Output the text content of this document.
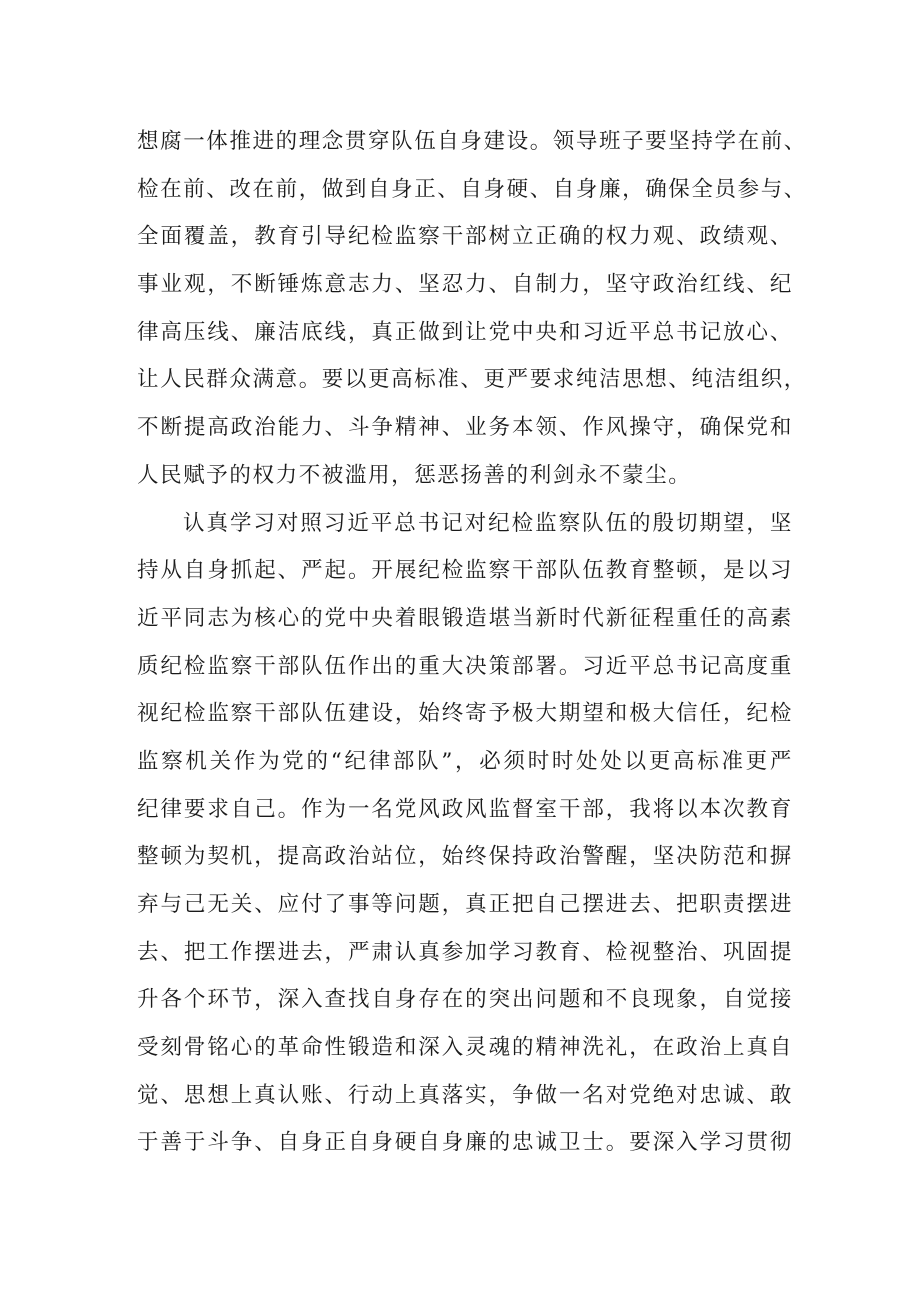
想腐一体推进的理念贯穿队伍自身建设。领导班子要坚持学在前、
检在前、改在前，做到自身正、自身硬、自身廉，确保全员参与、
全面覆盖，教育引导纪检监察干部树立正确的权力观、政绩观、
事业观，不断锤炼意志力、坚忍力、自制力，坚守政治红线、纪
律高压线、廉洁底线，真正做到让党中央和习近平总书记放心、
让人民群众满意。要以更高标准、更严要求纯洁思想、纯洁组织，
不断提高政治能力、斗争精神、业务本领、作风操守，确保党和
人民赋予的权力不被滥用，惩恶扬善的利剑永不蒙尘。
认真学习对照习近平总书记对纪检监察队伍的殷切期望，坚
持从自身抓起、严起。开展纪检监察干部队伍教育整顿，是以习
近平同志为核心的党中央着眼锻造堪当新时代新征程重任的高素
质纪检监察干部队伍作出的重大决策部署。习近平总书记高度重
视纪检监察干部队伍建设，始终寄予极大期望和极大信任，纪检
监察机关作为党的“纪律部队”，必须时时处处以更高标准更严
纪律要求自己。作为一名党风政风监督室干部，我将以本次教育
整顿为契机，提高政治站位，始终保持政治警醒，坚决防范和摒
弃与己无关、应付了事等问题，真正把自己摆进去、把职责摆进
去、把工作摆进去，严肃认真参加学习教育、检视整治、巩固提
升各个环节，深入查找自身存在的突出问题和不良现象，自觉接
受刻骨铭心的革命性锻造和深入灵魂的精神洗礼，在政治上真自
觉、思想上真认账、行动上真落实，争做一名对党绝对忠诚、敢
于善于斗争、自身正自身硬自身廉的忠诚卫士。要深入学习贯彻
